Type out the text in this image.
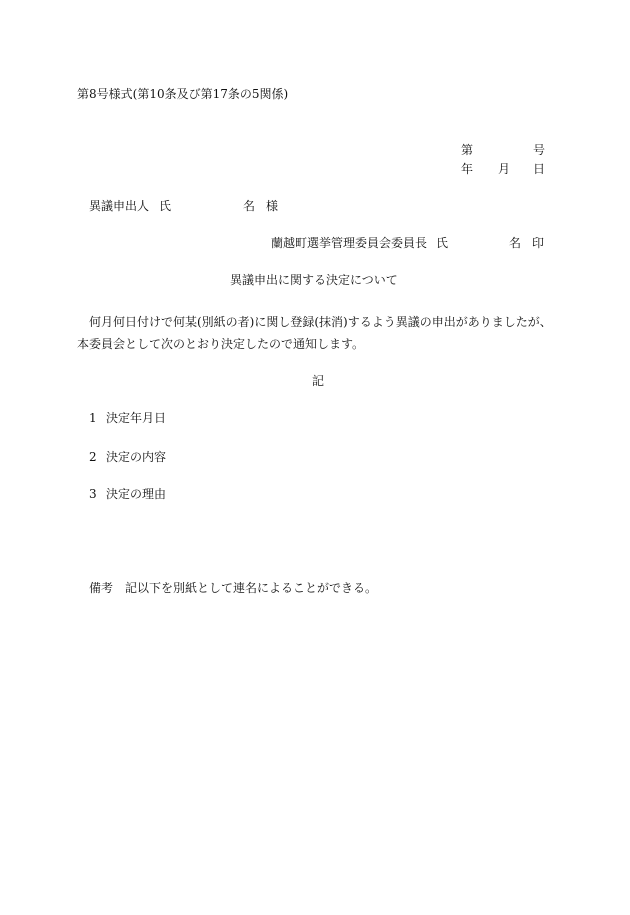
第8号様式(第10条及び第17条の5関係)
第	号
年 月 日
異議申出人 氏	名 様
蘭越町選挙管理委員会委員長 氏	名 印
異議申出に関する決定について
何月何日付けで何某(別紙の者)に関し登録(抹消)するよう異議の申出がありましたが、本委員会として次のとおり決定したので通知します。
記
1 決定年月日
2 決定の内容
3 決定の理由
備考 記以下を別紙として連名によることができる。
